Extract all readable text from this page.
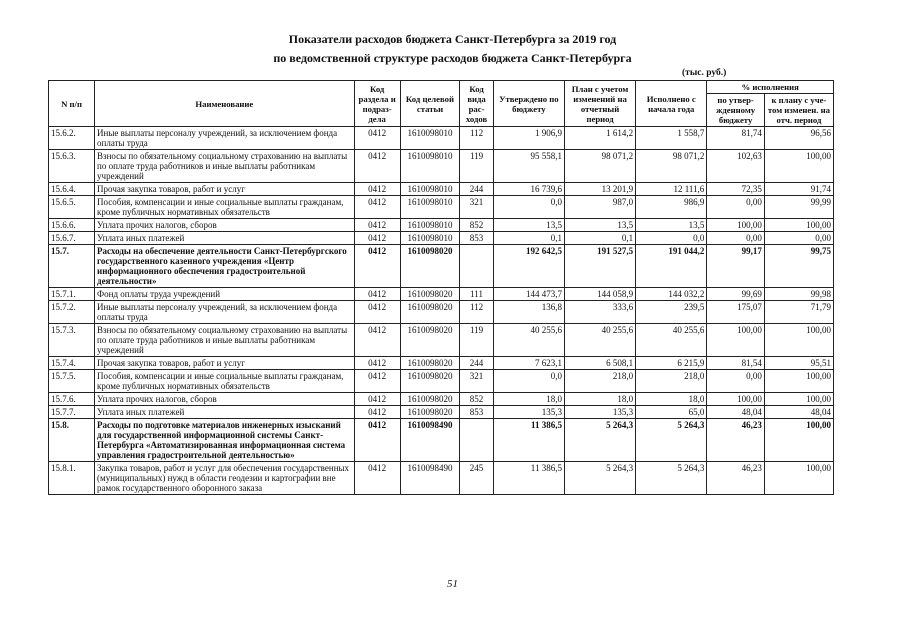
Показатели расходов бюджета Санкт-Петербурга за 2019 год

по ведомственной структуре расходов бюджета Санкт-Петербурга

(тыс. руб.)

N п/п	Наименование	Код раздела и подраз-дела	Код целевой статьи	Код вида рас-ходов	Утверждено по бюджету	План с учетом изменений на отчетный период	Исполнено с начала года	% исполнения	
								по утвер-жденному бюджету	к плану с уче-том изменен. на отч. период
15.6.2.	Иные выплаты персоналу учреждений, за исключением фонда оплаты труда	0412	1610098010	112	1 906,9	1 614,2	1 558,7	81,74	96,56
15.6.3.	Взносы по обязательному социальному страхованию на выплаты по оплате труда работников и иные выплаты работникам учреждений	0412	1610098010	119	95 558,1	98 071,2	98 071,2	102,63	100,00
15.6.4.	Прочая закупка товаров, работ и услуг	0412	1610098010	244	16 739,6	13 201,9	12 111,6	72,35	91,74
15.6.5.	Пособия, компенсации и иные социальные выплаты гражданам, кроме публичных нормативных обязательств	0412	1610098010	321	0,0	987,0	986,9	0,00	99,99
15.6.6.	Уплата прочих налогов, сборов	0412	1610098010	852	13,5	13,5	13,5	100,00	100,00
15.6.7.	Уплата иных платежей	0412	1610098010	853	0,1	0,1	0,0	0,00	0,00
15.7.	Расходы на обеспечение деятельности Санкт-Петербургского государственного казенного учреждения «Центр информационного обеспечения градостроительной деятельности»	0412	1610098020		192 642,5	191 527,5	191 044,2	99,17	99,75
15.7.1.	Фонд оплаты труда учреждений	0412	1610098020	111	144 473,7	144 058,9	144 032,2	99,69	99,98
15.7.2.	Иные выплаты персоналу учреждений, за исключением фонда оплаты труда	0412	1610098020	112	136,8	333,6	239,5	175,07	71,79
15.7.3.	Взносы по обязательному социальному страхованию на выплаты по оплате труда работников и иные выплаты работникам учреждений	0412	1610098020	119	40 255,6	40 255,6	40 255,6	100,00	100,00
15.7.4.	Прочая закупка товаров, работ и услуг	0412	1610098020	244	7 623,1	6 508,1	6 215,9	81,54	95,51
15.7.5.	Пособия, компенсации и иные социальные выплаты гражданам, кроме публичных нормативных обязательств	0412	1610098020	321	0,0	218,0	218,0	0,00	100,00
15.7.6.	Уплата прочих налогов, сборов	0412	1610098020	852	18,0	18,0	18,0	100,00	100,00
15.7.7.	Уплата иных платежей	0412	1610098020	853	135,3	135,3	65,0	48,04	48,04
15.8.	Расходы по подготовке материалов инженерных изысканий для государственной информационной системы Санкт-Петербурга «Автоматизированная информационная система управления градостроительной деятельностью»	0412	1610098490		11 386,5	5 264,3	5 264,3	46,23	100,00
15.8.1.	Закупка товаров, работ и услуг для обеспечения государственных (муниципальных) нужд в области геодезии и картографии вне рамок государственного оборонного заказа	0412	1610098490	245	11 386,5	5 264,3	5 264,3	46,23	100,00

51
